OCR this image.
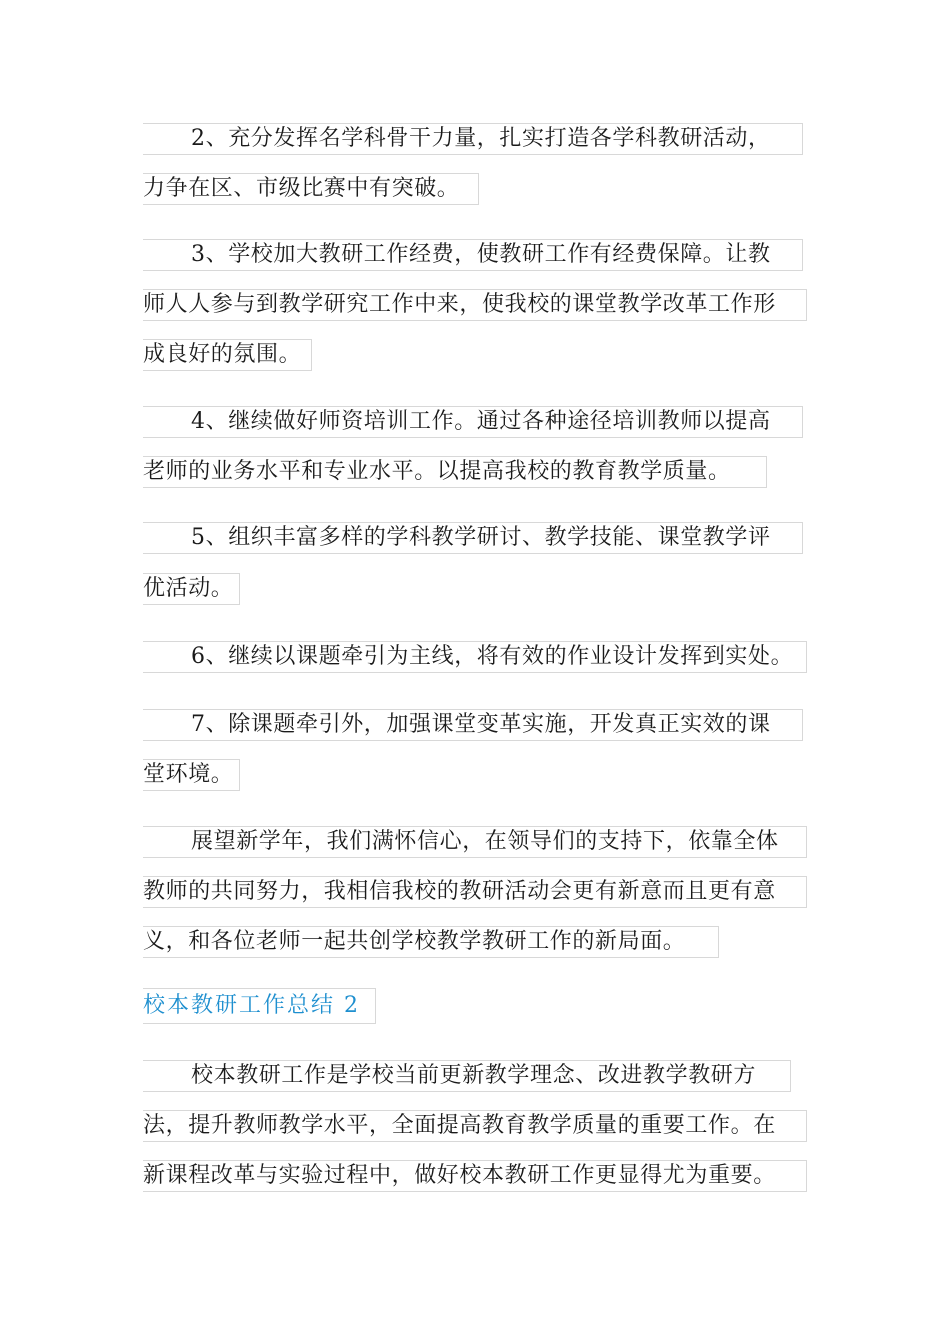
2、充分发挥名学科骨干力量，扎实打造各学科教研活动，
力争在区、市级比赛中有突破。
3、学校加大教研工作经费，使教研工作有经费保障。让教
师人人参与到教学研究工作中来，使我校的课堂教学改革工作形
成良好的氛围。
4、继续做好师资培训工作。通过各种途径培训教师以提高
老师的业务水平和专业水平。以提高我校的教育教学质量。
5、组织丰富多样的学科教学研讨、教学技能、课堂教学评
优活动。
6、继续以课题牵引为主线，将有效的作业设计发挥到实处。
7、除课题牵引外，加强课堂变革实施，开发真正实效的课
堂环境。
展望新学年，我们满怀信心，在领导们的支持下，依靠全体
教师的共同努力，我相信我校的教研活动会更有新意而且更有意
义，和各位老师一起共创学校教学教研工作的新局面。
校本教研工作总结 2
校本教研工作是学校当前更新教学理念、改进教学教研方
法，提升教师教学水平，全面提高教育教学质量的重要工作。在
新课程改革与实验过程中，做好校本教研工作更显得尤为重要。
